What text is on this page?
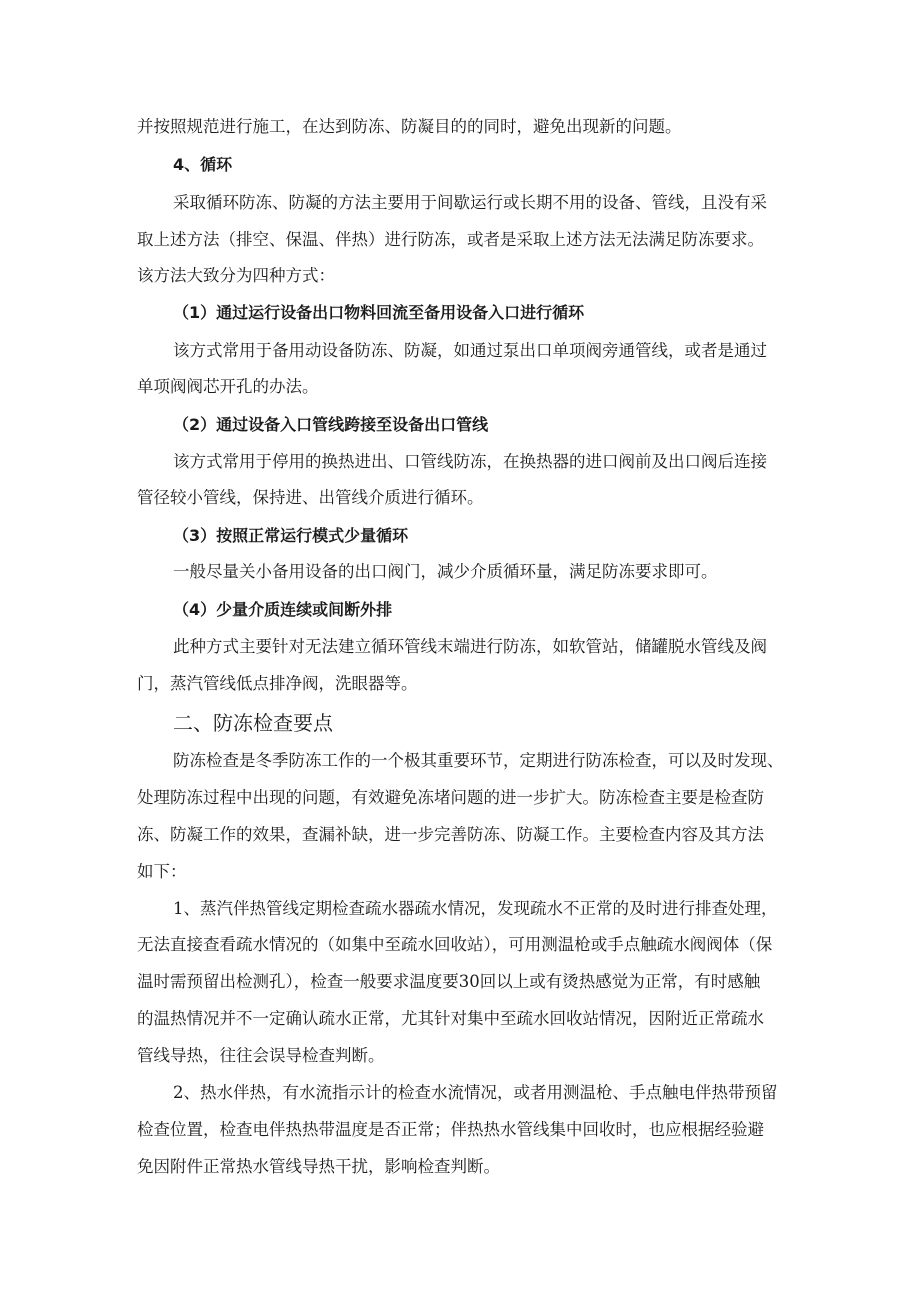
并按照规范进行施工，在达到防冻、防凝目的的同时，避免出现新的问题。
4、循环
采取循环防冻、防凝的方法主要用于间歇运行或长期不用的设备、管线，且没有采
取上述方法（排空、保温、伴热）进行防冻，或者是采取上述方法无法满足防冻要求。
该方法大致分为四种方式：
（1）通过运行设备出口物料回流至备用设备入口进行循环
该方式常用于备用动设备防冻、防凝，如通过泵出口单项阀旁通管线，或者是通过
单项阀阀芯开孔的办法。
（2）通过设备入口管线跨接至设备出口管线
该方式常用于停用的换热进出、口管线防冻，在换热器的进口阀前及出口阀后连接
管径较小管线，保持进、出管线介质进行循环。
（3）按照正常运行模式少量循环
一般尽量关小备用设备的出口阀门，减少介质循环量，满足防冻要求即可。
（4）少量介质连续或间断外排
此种方式主要针对无法建立循环管线末端进行防冻，如软管站，储罐脱水管线及阀
门，蒸汽管线低点排净阀，洗眼器等。
二、防冻检查要点
防冻检查是冬季防冻工作的一个极其重要环节，定期进行防冻检查，可以及时发现、
处理防冻过程中出现的问题，有效避免冻堵问题的进一步扩大。防冻检查主要是检查防
冻、防凝工作的效果，查漏补缺，进一步完善防冻、防凝工作。主要检查内容及其方法
如下：
1、蒸汽伴热管线定期检查疏水器疏水情况，发现疏水不正常的及时进行排查处理，
无法直接查看疏水情况的（如集中至疏水回收站），可用测温枪或手点触疏水阀阀体（保
温时需预留出检测孔），检查一般要求温度要30回以上或有烫热感觉为正常，有时感触
的温热情况并不一定确认疏水正常，尤其针对集中至疏水回收站情况，因附近正常疏水
管线导热，往往会误导检查判断。
2、热水伴热，有水流指示计的检查水流情况，或者用测温枪、手点触电伴热带预留
检查位置，检查电伴热热带温度是否正常；伴热热水管线集中回收时，也应根据经验避
免因附件正常热水管线导热干扰，影响检查判断。
